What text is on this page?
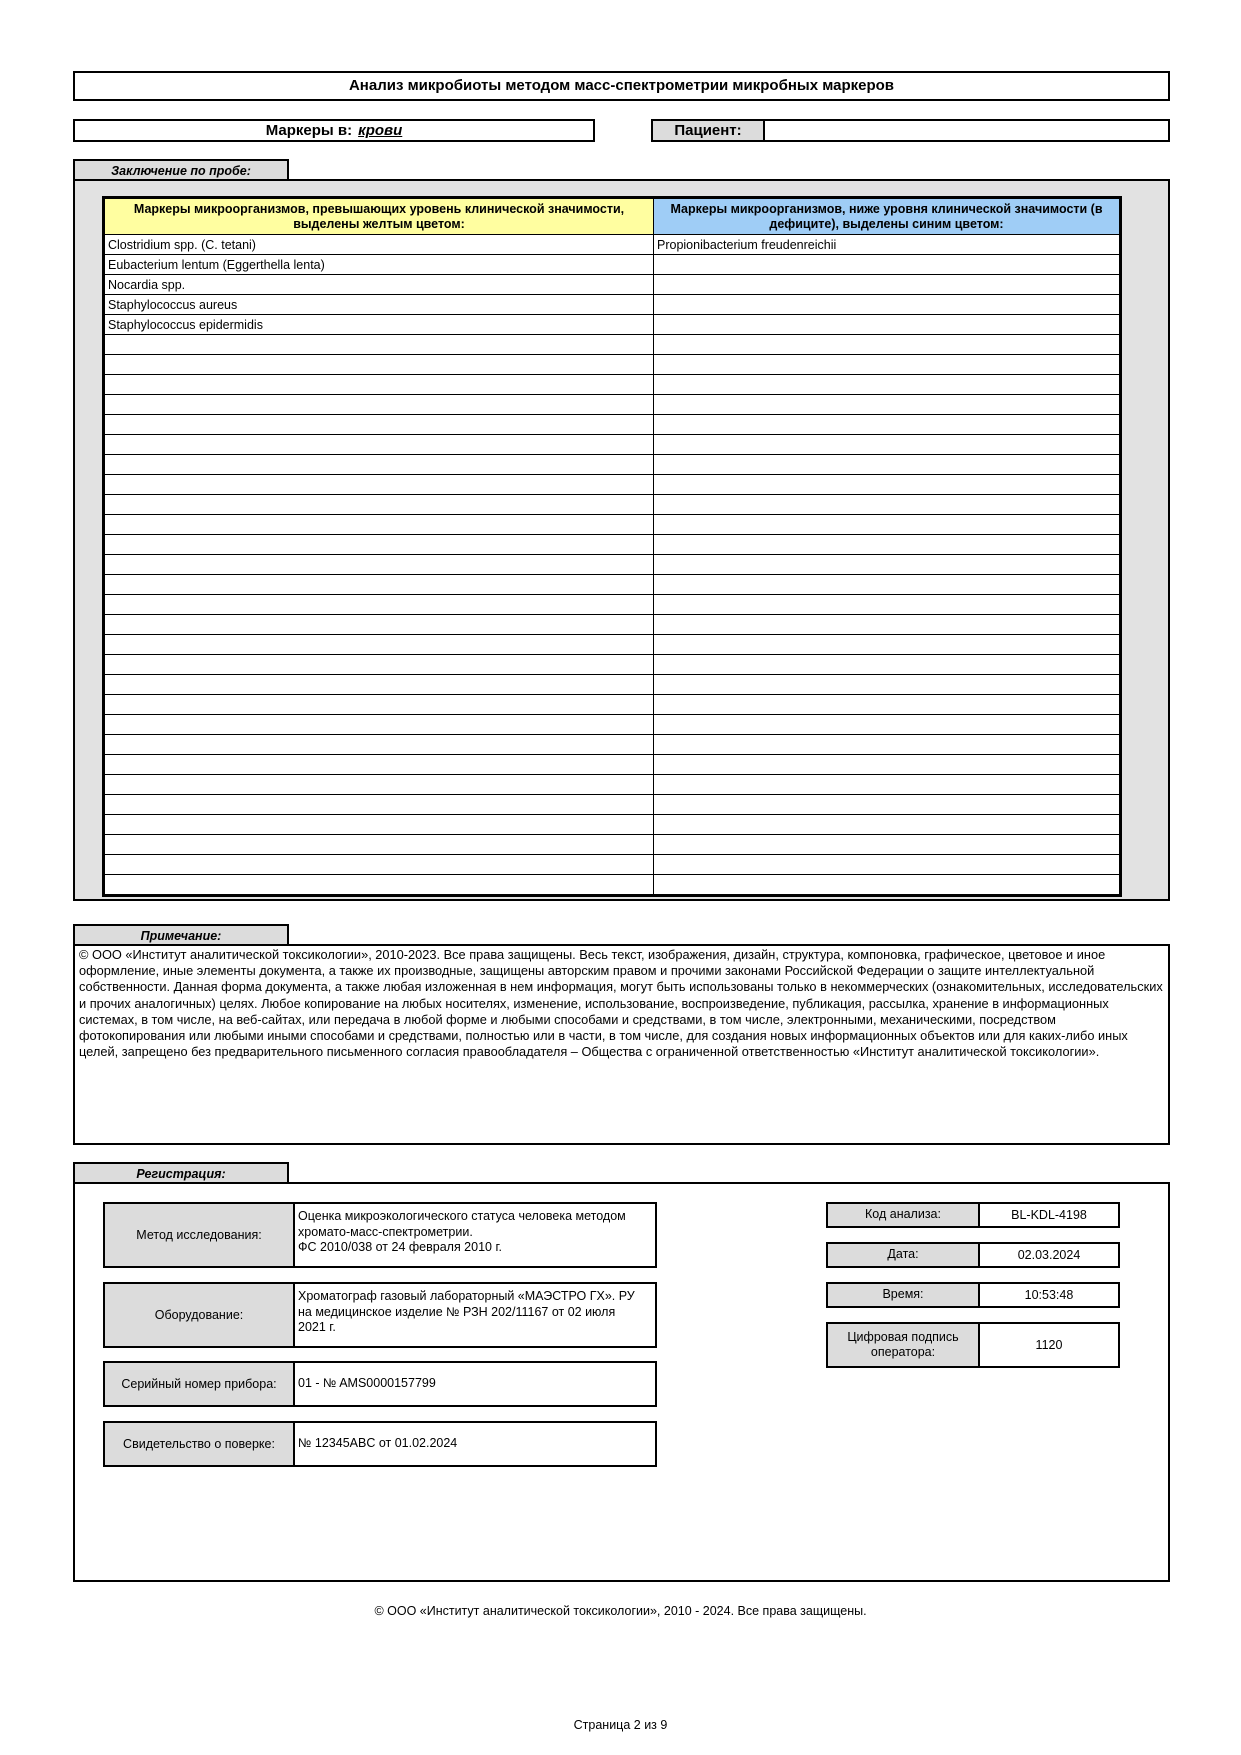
Анализ микробиоты методом масс-спектрометрии микробных маркеров
Маркеры в: крови	Пациент:
Заключение по пробе:
Маркеры микроорганизмов, превышающих уровень клинической значимости, выделены желтым цветом:	Маркеры микроорганизмов, ниже уровня клинической значимости (в дефиците), выделены синим цветом:
Clostridium spp. (C. tetani)	Propionibacterium freudenreichii
Eubacterium lentum (Eggerthella lenta)	
Nocardia spp.	
Staphylococcus aureus	
Staphylococcus epidermidis	

Примечание:
© ООО «Институт аналитической токсикологии», 2010-2023. Все права защищены. Весь текст, изображения, дизайн, структура, компоновка, графическое, цветовое и иное оформление, иные элементы документа, а также их производные, защищены авторским правом и прочими законами Российской Федерации о защите интеллектуальной собственности. Данная форма документа, а также любая изложенная в нем информация, могут быть использованы только в некоммерческих (ознакомительных, исследовательских и прочих аналогичных) целях. Любое копирование на любых носителях, изменение, использование, воспроизведение, публикация, рассылка, хранение в информационных системах, в том числе, на веб-сайтах, или передача в любой форме и любыми способами и средствами, в том числе, электронными, механическими, посредством фотокопирования или любыми иными способами и средствами, полностью или в части, в том числе, для создания новых информационных объектов или для каких-либо иных целей, запрещено без предварительного письменного согласия правообладателя – Общества с ограниченной ответственностью «Институт аналитической токсикологии».
Регистрация:
Метод исследования:
Оценка микроэкологического статуса человека методом
хромато-масс-спектрометрии.
ФС 2010/038 от 24 февраля 2010 г.
Оборудование:
Хроматограф газовый лабораторный «МАЭСТРО ГХ». РУ
на медицинское изделие № РЗН 202/11167 от 02 июля
2021 г.
Серийный номер прибора:	01 - № AMS0000157799
Свидетельство о поверке:	№ 12345ABC от 01.02.2024
Код анализа:	BL-KDL-4198
Дата:	02.03.2024
Время:	10:53:48
Цифровая подпись оператора:	1120
© ООО «Институт аналитической токсикологии», 2010 - 2024. Все права защищены.
Страница 2 из 9
